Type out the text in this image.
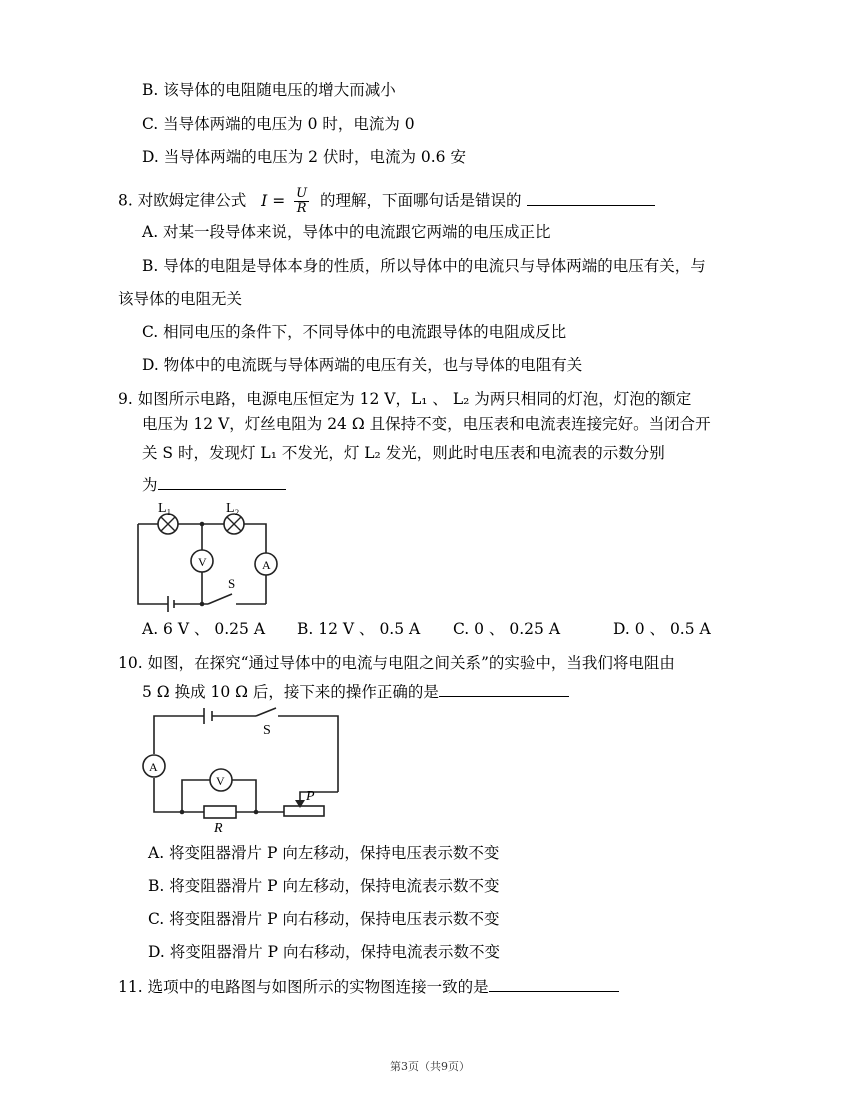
B. 该导体的电阻随电压的增大而减小
C. 当导体两端的电压为 0 时，电流为 0
D. 当导体两端的电压为 2 伏时，电流为 0.6 安
8. 对欧姆定律公式 $I = \frac{U}{R}$ 的理解，下面哪句话是错误的
A. 对某一段导体来说，导体中的电流跟它两端的电压成正比
B. 导体的电阻是导体本身的性质，所以导体中的电流只与导体两端的电压有关，与
该导体的电阻无关
C. 相同电压的条件下，不同导体中的电流跟导体的电阻成反比
D. 物体中的电流既与导体两端的电压有关，也与导体的电阻有关
9. 如图所示电路，电源电压恒定为 12 V，L₁ 、 L₂ 为两只相同的灯泡，灯泡的额定
电压为 12 V，灯丝电阻为 24 Ω 且保持不变，电压表和电流表连接完好。当闭合开
关 S 时，发现灯 L₁ 不发光，灯 L₂ 发光，则此时电压表和电流表的示数分别
为
L₁	L₂
V	A
S
A. 6 V 、 0.25 A B. 12 V 、 0.5 A C. 0 、 0.25 A	D. 0 、 0.5 A
10. 如图，在探究“通过导体中的电流与电阻之间关系”的实验中，当我们将电阻由
5 Ω 换成 10 Ω 后，接下来的操作正确的是
S
A
V
P
R
A. 将变阻器滑片 P 向左移动，保持电压表示数不变
B. 将变阻器滑片 P 向左移动，保持电流表示数不变
C. 将变阻器滑片 P 向右移动，保持电压表示数不变
D. 将变阻器滑片 P 向右移动，保持电流表示数不变
11. 选项中的电路图与如图所示的实物图连接一致的是
第3页（共9页）
